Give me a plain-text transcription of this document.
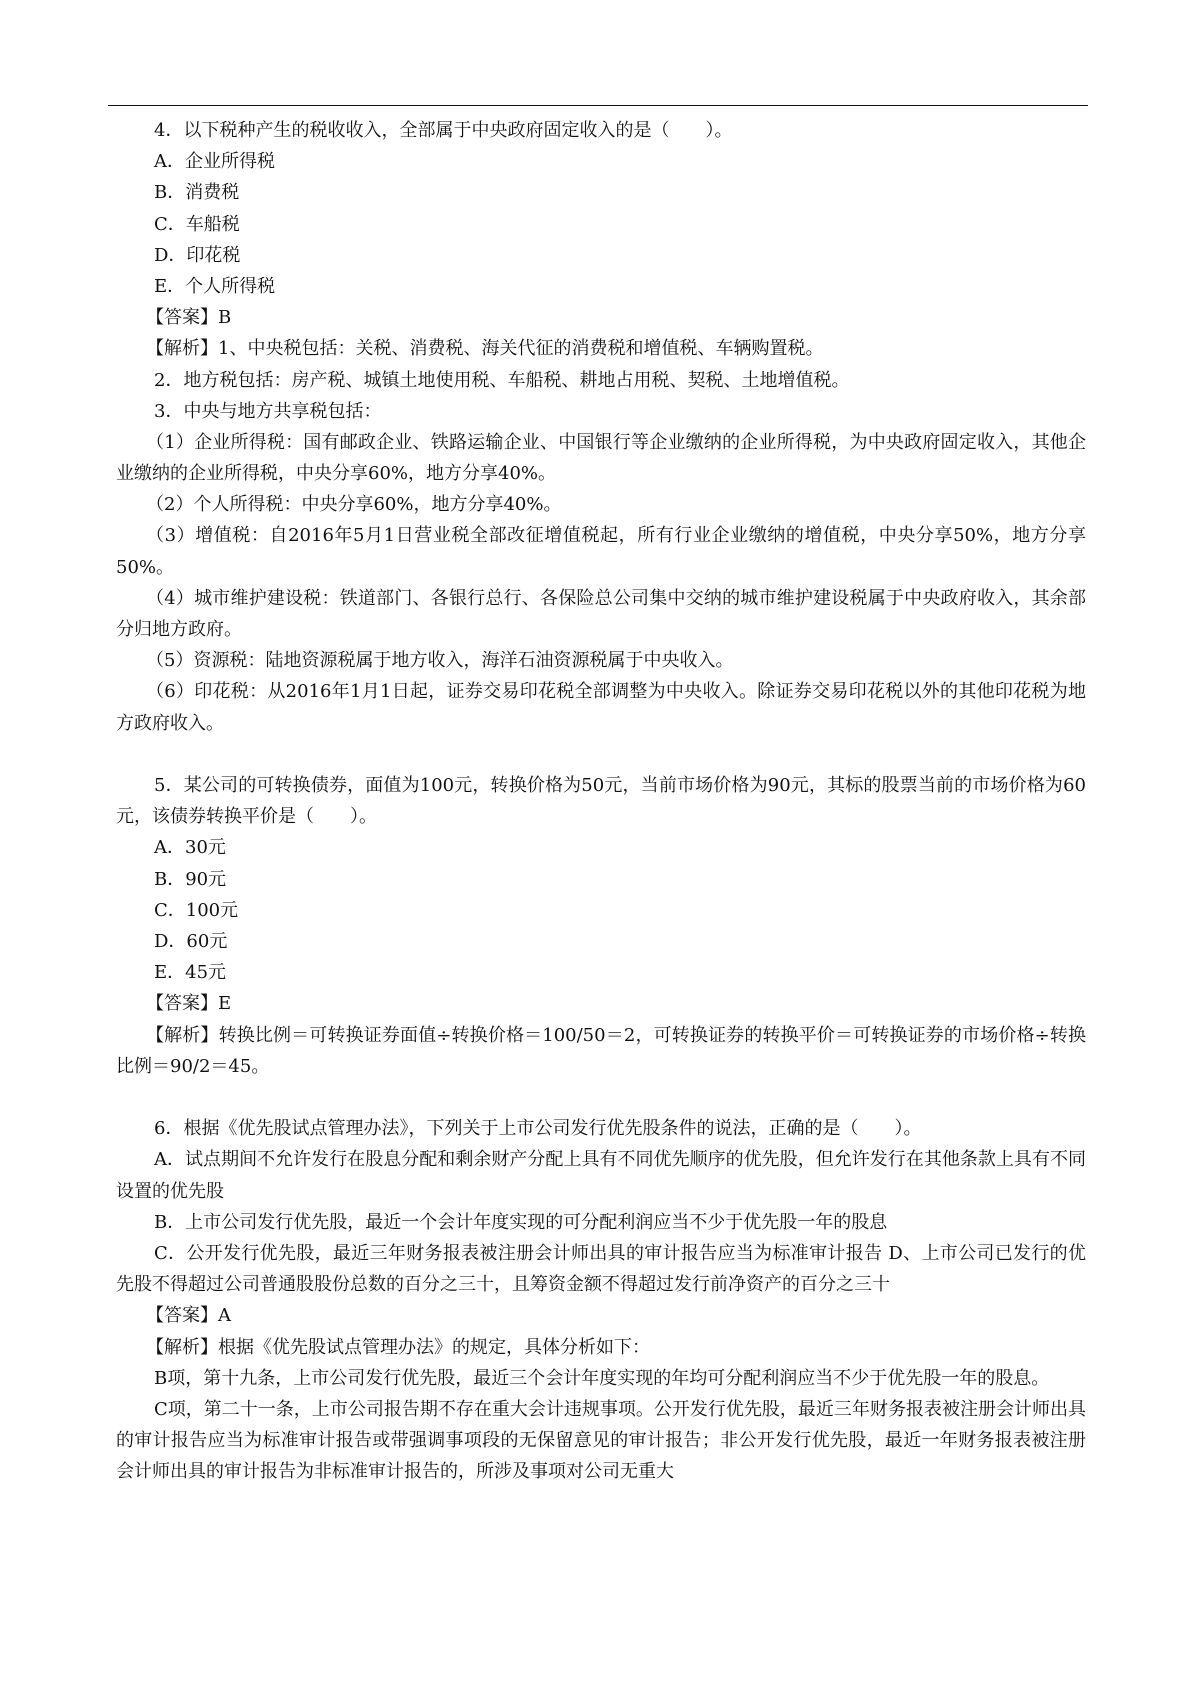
4．以下税种产生的税收收入，全部属于中央政府固定收入的是（　　）。
A．企业所得税
B．消费税
C．车船税
D．印花税
E．个人所得税
【答案】B
【解析】1、中央税包括：关税、消费税、海关代征的消费税和增值税、车辆购置税。
2．地方税包括：房产税、城镇土地使用税、车船税、耕地占用税、契税、土地增值税。
3．中央与地方共享税包括：
（1）企业所得税：国有邮政企业、铁路运输企业、中国银行等企业缴纳的企业所得税，为中央政府固定收入，其他企业缴纳的企业所得税，中央分享60%，地方分享40%。
（2）个人所得税：中央分享60%，地方分享40%。
（3）增值税：自2016年5月1日营业税全部改征增值税起，所有行业企业缴纳的增值税，中央分享50%，地方分享50%。
（4）城市维护建设税：铁道部门、各银行总行、各保险总公司集中交纳的城市维护建设税属于中央政府收入，其余部分归地方政府。
（5）资源税：陆地资源税属于地方收入，海洋石油资源税属于中央收入。
（6）印花税：从2016年1月1日起，证券交易印花税全部调整为中央收入。除证券交易印花税以外的其他印花税为地方政府收入。
5．某公司的可转换债券，面值为100元，转换价格为50元，当前市场价格为90元，其标的股票当前的市场价格为60元，该债券转换平价是（　　）。
A．30元
B．90元
C．100元
D．60元
E．45元
【答案】E
【解析】转换比例＝可转换证券面值÷转换价格＝100/50＝2，可转换证券的转换平价＝可转换证券的市场价格÷转换比例＝90/2＝45。
6．根据《优先股试点管理办法》，下列关于上市公司发行优先股条件的说法，正确的是（　　）。
A．试点期间不允许发行在股息分配和剩余财产分配上具有不同优先顺序的优先股，但允许发行在其他条款上具有不同设置的优先股
B．上市公司发行优先股，最近一个会计年度实现的可分配利润应当不少于优先股一年的股息
C．公开发行优先股，最近三年财务报表被注册会计师出具的审计报告应当为标准审计报告 D、上市公司已发行的优先股不得超过公司普通股股份总数的百分之三十，且筹资金额不得超过发行前净资产的百分之三十
【答案】A
【解析】根据《优先股试点管理办法》的规定，具体分析如下：
B项，第十九条，上市公司发行优先股，最近三个会计年度实现的年均可分配利润应当不少于优先股一年的股息。
C项，第二十一条，上市公司报告期不存在重大会计违规事项。公开发行优先股，最近三年财务报表被注册会计师出具的审计报告应当为标准审计报告或带强调事项段的无保留意见的审计报告；非公开发行优先股，最近一年财务报表被注册会计师出具的审计报告为非标准审计报告的，所涉及事项对公司无重大
